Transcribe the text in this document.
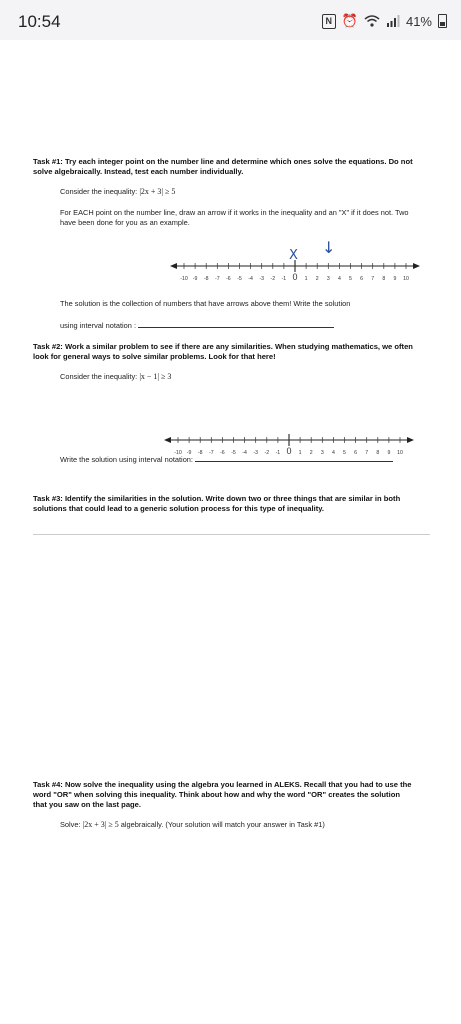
10:54	N ⏰	41%
Task #1: Try each integer point on the number line and determine which ones solve the equations. Do not solve algebraically. Instead, test each number individually.
Consider the inequality: |2x + 3| ≥ 5
For EACH point on the number line, draw an arrow if it works in the inequality and an "X" if it does not. Two have been done for you as an example.
X ↓
-10 -9 -8 -7 -6 -5 -4 -3 -2 -1 0 1 2 3 4 5 6 7 8 9 10
The solution is the collection of numbers that have arrows above them! Write the solution
using interval notation :
Task #2: Work a similar problem to see if there are any similarities. When studying mathematics, we often look for general ways to solve similar problems. Look for that here!
Consider the inequality: |x − 1| ≥ 3
-10 -9 -8 -7 -6 -5 -4 -3 -2 -1 0 1 2 3 4 5 6 7 8 9 10
Write the solution using interval notation:
Task #3: Identify the similarities in the solution. Write down two or three things that are similar in both solutions that could lead to a generic solution process for this type of inequality.
Task #4: Now solve the inequality using the algebra you learned in ALEKS. Recall that you had to use the word "OR" when solving this inequality. Think about how and why the word "OR" creates the solution that you saw on the last page.
Solve: |2x + 3| ≥ 5 algebraically. (Your solution will match your answer in Task #1)
